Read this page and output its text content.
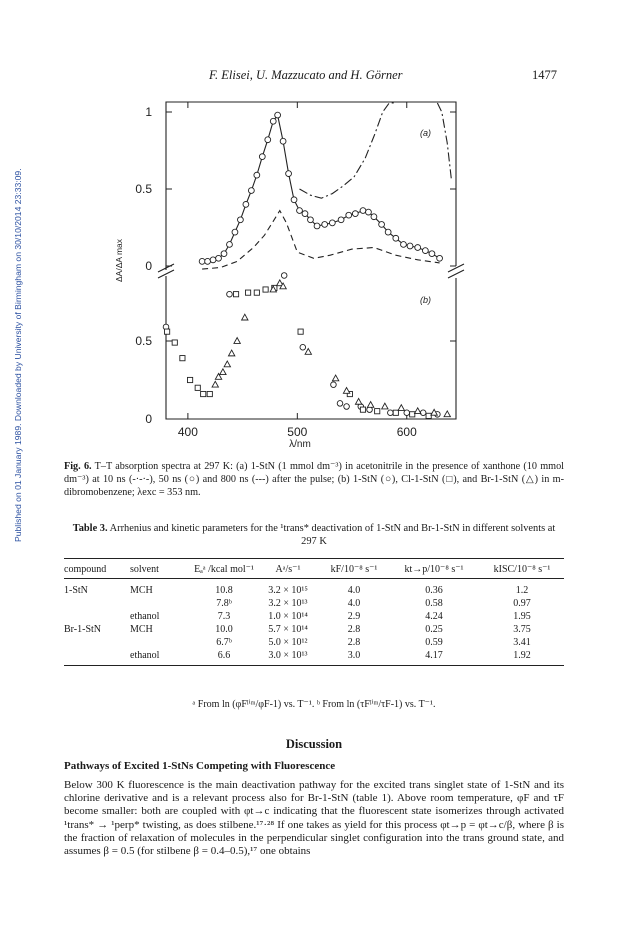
Published on 01 January 1989. Downloaded by University of Birmingham on 30/10/2014 23:33:09.
F. Elisei, U. Mazzucato and H. Görner	1477
400	500	600
0
0.5
1
0
0.5
(a)
(b)
ΔA/ΔA max
λ/nm
Fig. 6. T–T absorption spectra at 297 K: (a) 1-StN (1 mmol dm⁻³) in acetonitrile in the presence of xanthone (10 mmol dm⁻³) at 10 ns (-·-·-), 50 ns (○) and 800 ns (---) after the pulse; (b) 1-StN (○), Cl-1-StN (□), and Br-1-StN (△) in m-dibromobenzene; λexc = 353 nm.
Table 3. Arrhenius and kinetic parameters for the ¹trans* deactivation of 1-StN and Br-1-StN in different solvents at 297 K
compound	solvent	Eₐᵃ /kcal mol⁻¹	Aᵃ/s⁻¹	kF/10⁻⁸ s⁻¹	kt→p/10⁻⁸ s⁻¹	kISC/10⁻⁸ s⁻¹
1-StN	MCH	10.8	3.2 × 10¹⁵	4.0	0.36	1.2
		7.8ᵇ	3.2 × 10¹³	4.0	0.58	0.97
	ethanol	7.3	1.0 × 10¹⁴	2.9	4.24	1.95
Br-1-StN	MCH	10.0	5.7 × 10¹⁴	2.8	0.25	3.75
		6.7ᵇ	5.0 × 10¹²	2.8	0.59	3.41
	ethanol	6.6	3.0 × 10¹³	3.0	4.17	1.92
ᵃ From ln (φFˡⁱᵐ/φF-1) vs. T⁻¹. ᵇ From ln (τFˡⁱᵐ/τF-1) vs. T⁻¹.
Discussion
Pathways of Excited 1-StNs Competing with Fluorescence
Below 300 K fluorescence is the main deactivation pathway for the excited trans singlet state of 1-StN and its chlorine derivative and is a relevant process also for Br-1-StN (table 1). Above room temperature, φF and τF become smaller: both are coupled with φt→c indicating that the fluorescent state isomerizes through activated ¹trans* → ¹perp* twisting, as does stilbene.¹⁷·²⁸ If one takes as yield for this process φt→p = φt→c/β, where β is the fraction of relaxation of molecules in the perpendicular singlet configuration into the trans ground state, and assumes β = 0.5 (for stilbene β = 0.4–0.5),¹⁷ one obtains
